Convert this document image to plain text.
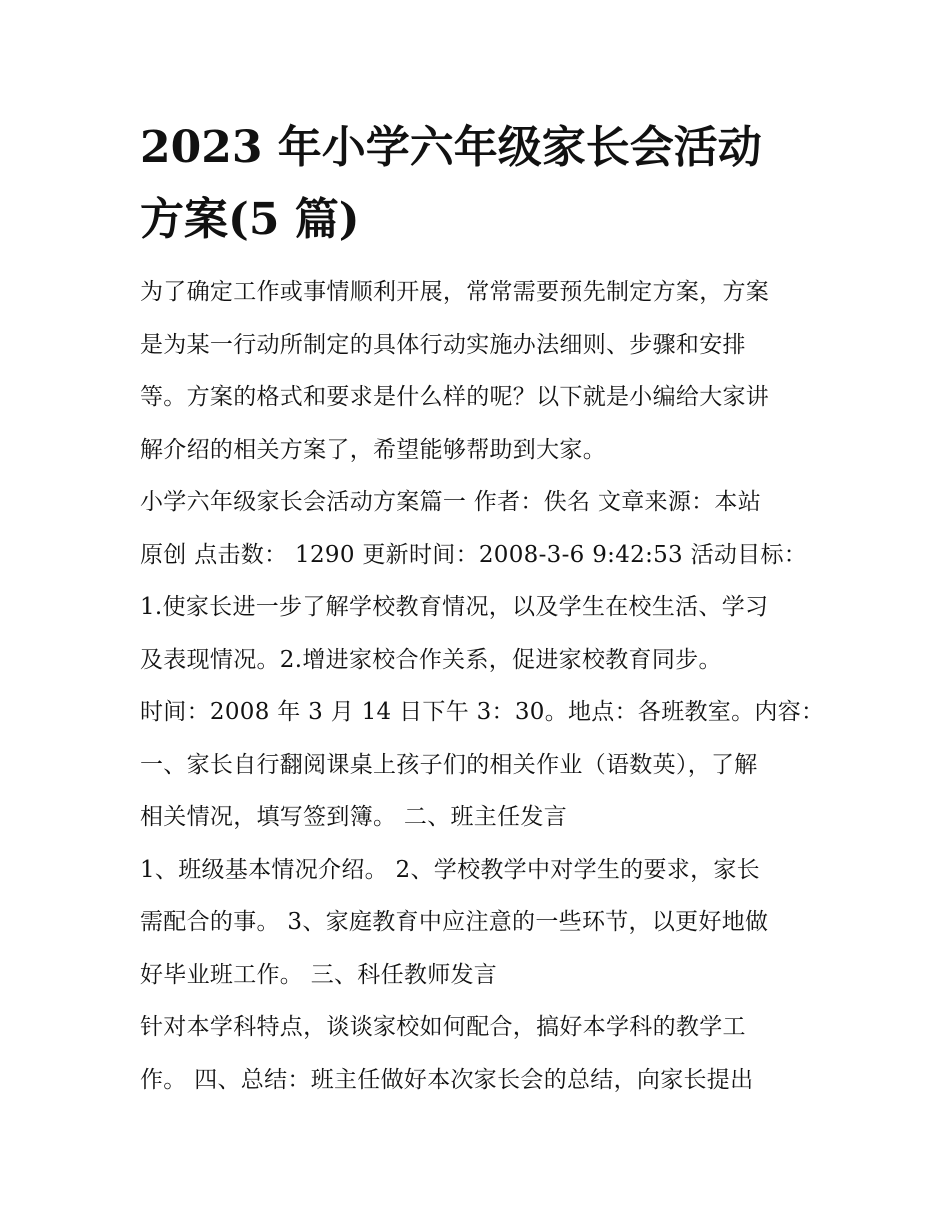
2023 年小学六年级家长会活动
方案(5 篇)
为了确定工作或事情顺利开展，常常需要预先制定方案，方案
是为某一行动所制定的具体行动实施办法细则、步骤和安排
等。方案的格式和要求是什么样的呢？以下就是小编给大家讲
解介绍的相关方案了，希望能够帮助到大家。
小学六年级家长会活动方案篇一 作者：佚名 文章来源：本站
原创 点击数： 1290 更新时间：2008-3-6 9:42:53 活动目标：
1.使家长进一步了解学校教育情况，以及学生在校生活、学习
及表现情况。2.增进家校合作关系，促进家校教育同步。
时间：2008 年 3 月 14 日下午 3：30。地点：各班教室。内容：
一、家长自行翻阅课桌上孩子们的相关作业（语数英），了解
相关情况，填写签到簿。 二、班主任发言
1、班级基本情况介绍。 2、学校教学中对学生的要求，家长
需配合的事。 3、家庭教育中应注意的一些环节，以更好地做
好毕业班工作。 三、科任教师发言
针对本学科特点，谈谈家校如何配合，搞好本学科的教学工
作。 四、总结：班主任做好本次家长会的总结，向家长提出
